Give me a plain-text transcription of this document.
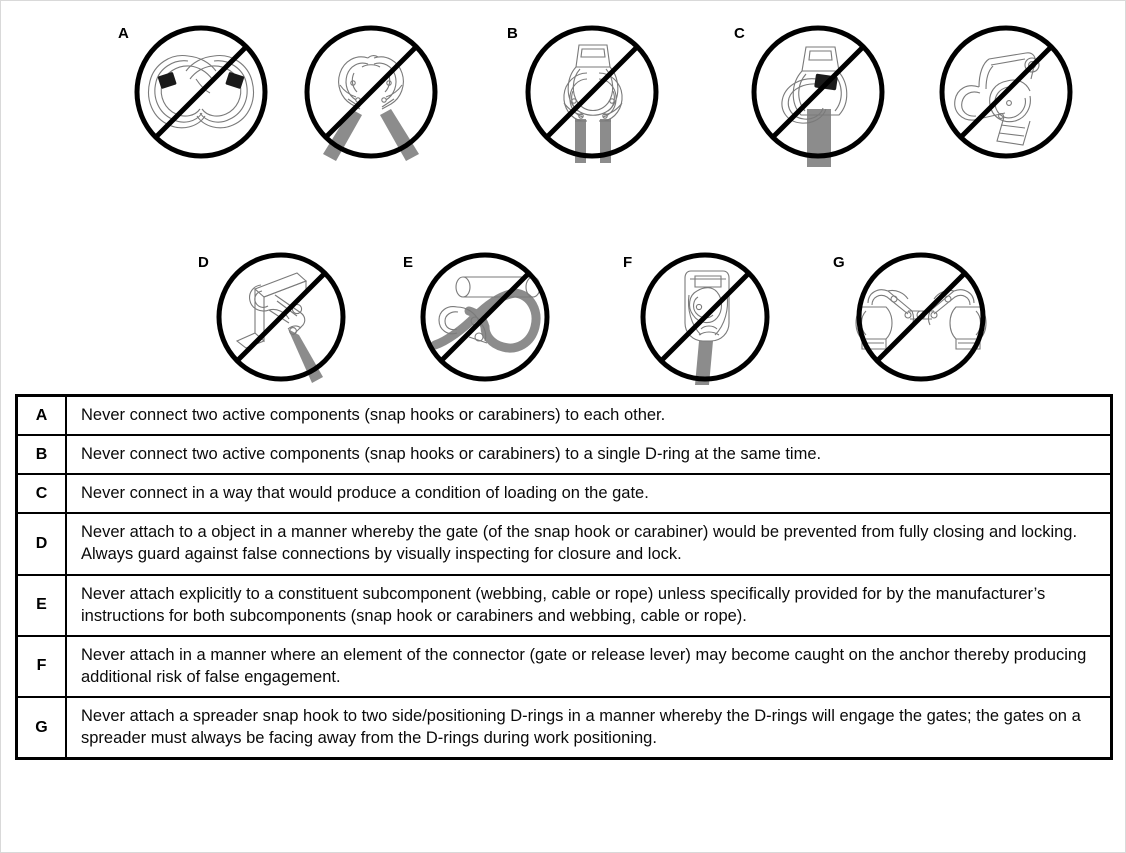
A	B	C
D	E	F	G
A	Never connect two active components (snap hooks or carabiners) to each other.
B	Never connect two active components (snap hooks or carabiners) to a single D-ring at the same time.
C	Never connect in a way that would produce a condition of loading on the gate.
D	Never attach to a object in a manner whereby the gate (of the snap hook or carabiner) would be prevented from fully closing and locking. Always guard against false connections by visually inspecting for closure and lock.
E	Never attach explicitly to a constituent subcomponent (webbing, cable or rope) unless specifically provided for by the manufacturer’s instructions for both subcomponents (snap hook or carabiners and webbing, cable or rope).
F	Never attach in a manner where an element of the connector (gate or release lever) may become caught on the anchor thereby producing additional risk of false engagement.
G	Never attach a spreader snap hook to two side/positioning D-rings in a manner whereby the D-rings will engage the gates; the gates on a spreader must always be facing away from the D-rings during work positioning.
